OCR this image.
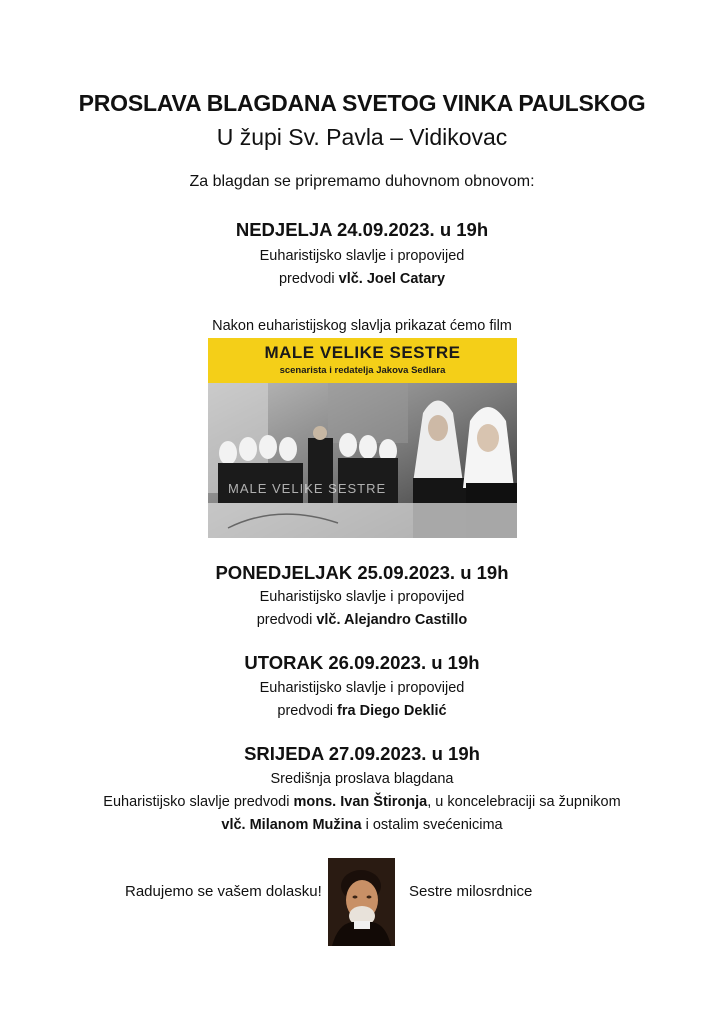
PROSLAVA BLAGDANA SVETOG VINKA PAULSKOG
U župi Sv. Pavla – Vidikovac
Za blagdan se pripremamo duhovnom obnovom:
NEDJELJA 24.09.2023. u 19h
Euharistijsko slavlje i propovijed
predvodi vlč. Joel Catary
Nakon euharistijskog slavlja prikazat ćemo film
MALE VELIKE SESTRE
scenarista i redatelja Jakova Sedlara
MALE VELIKE SESTRE
PONEDJELJAK 25.09.2023. u 19h
Euharistijsko slavlje i propovijed
predvodi vlč. Alejandro Castillo
UTORAK 26.09.2023. u 19h
Euharistijsko slavlje i propovijed
predvodi fra Diego Deklić
SRIJEDA 27.09.2023. u 19h
Središnja proslava blagdana
Euharistijsko slavlje predvodi mons. Ivan Štironja, u koncelebraciji sa župnikom
vlč. Milanom Mužina i ostalim svećenicima
Radujemo se vašem dolasku!	Sestre milosrdnice
